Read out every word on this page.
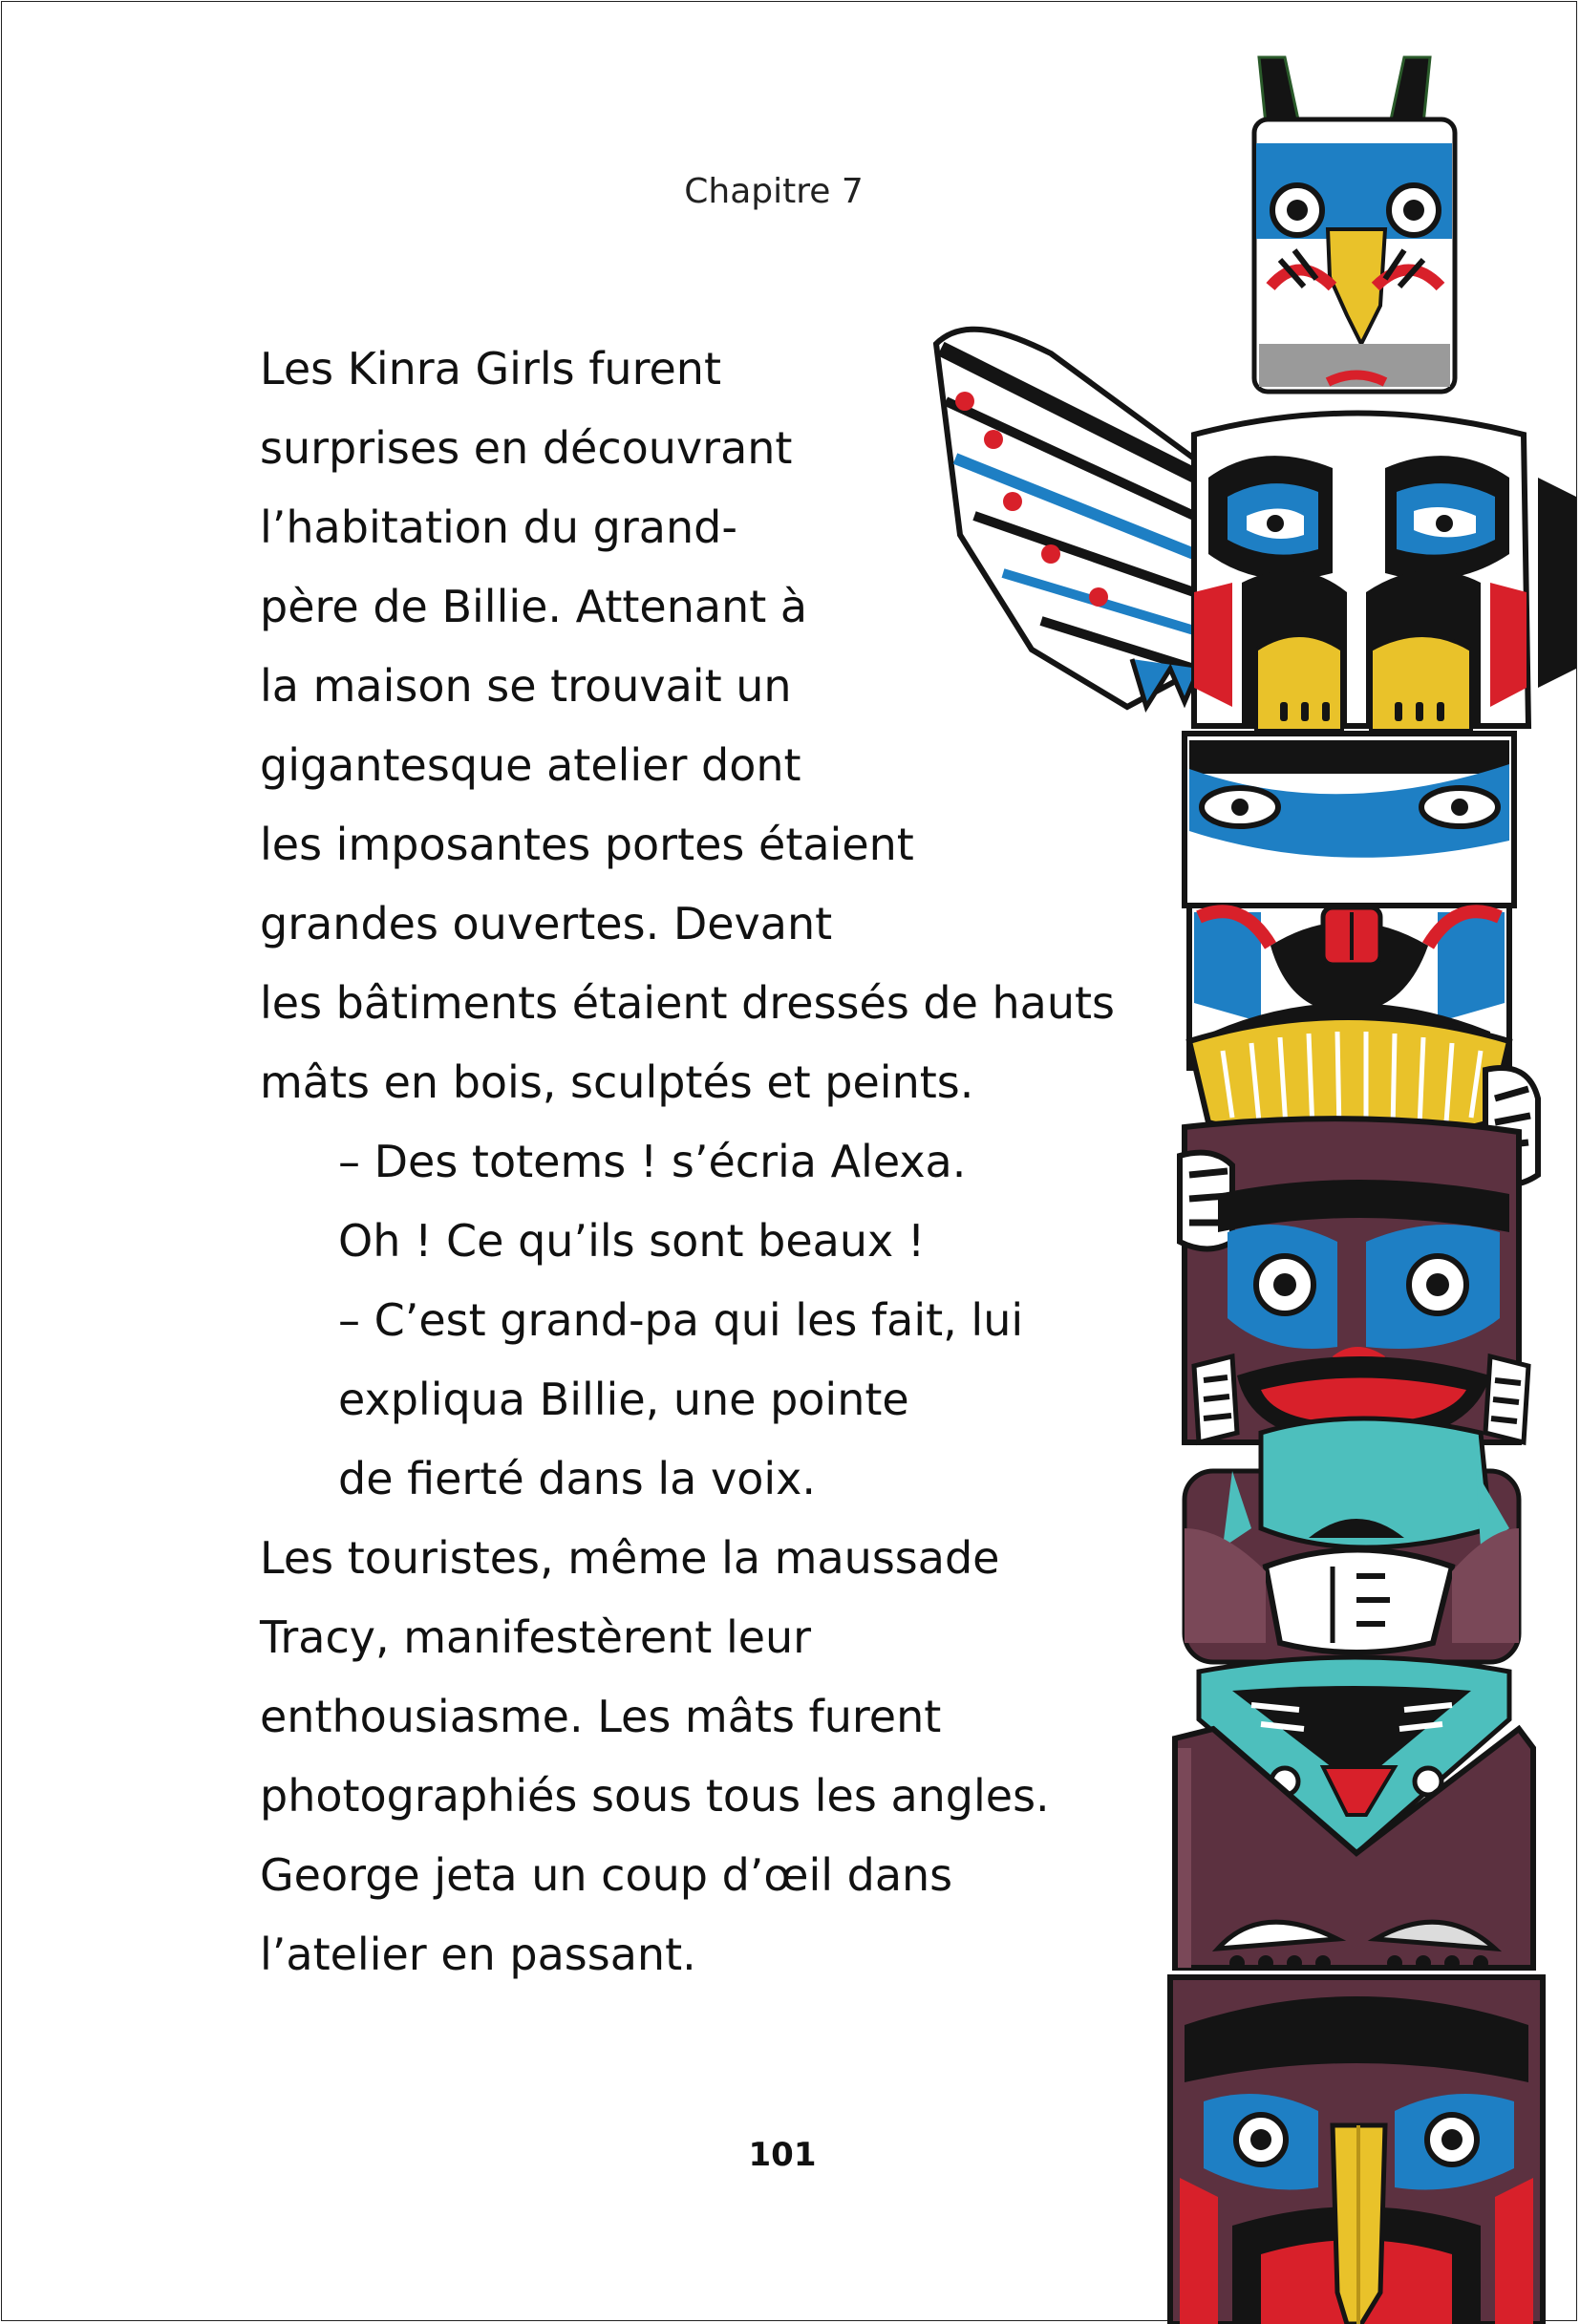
Chapitre 7
Les Kinra Girls furent
surprises en découvrant
l’habitation du grand-
père de Billie. Attenant à
la maison se trouvait un
gigantesque atelier dont
les imposantes portes étaient
grandes ouvertes. Devant
les bâtiments étaient dressés de hauts
mâts en bois, sculptés et peints.
– Des totems ! s’écria Alexa.
Oh ! Ce qu’ils sont beaux !
– C’est grand-pa qui les fait, lui
expliqua Billie, une pointe
de fierté dans la voix.
Les touristes, même la maussade
Tracy, manifestèrent leur
enthousiasme. Les mâts furent
photographiés sous tous les angles.
George jeta un coup d’œil dans
l’atelier en passant.
101
